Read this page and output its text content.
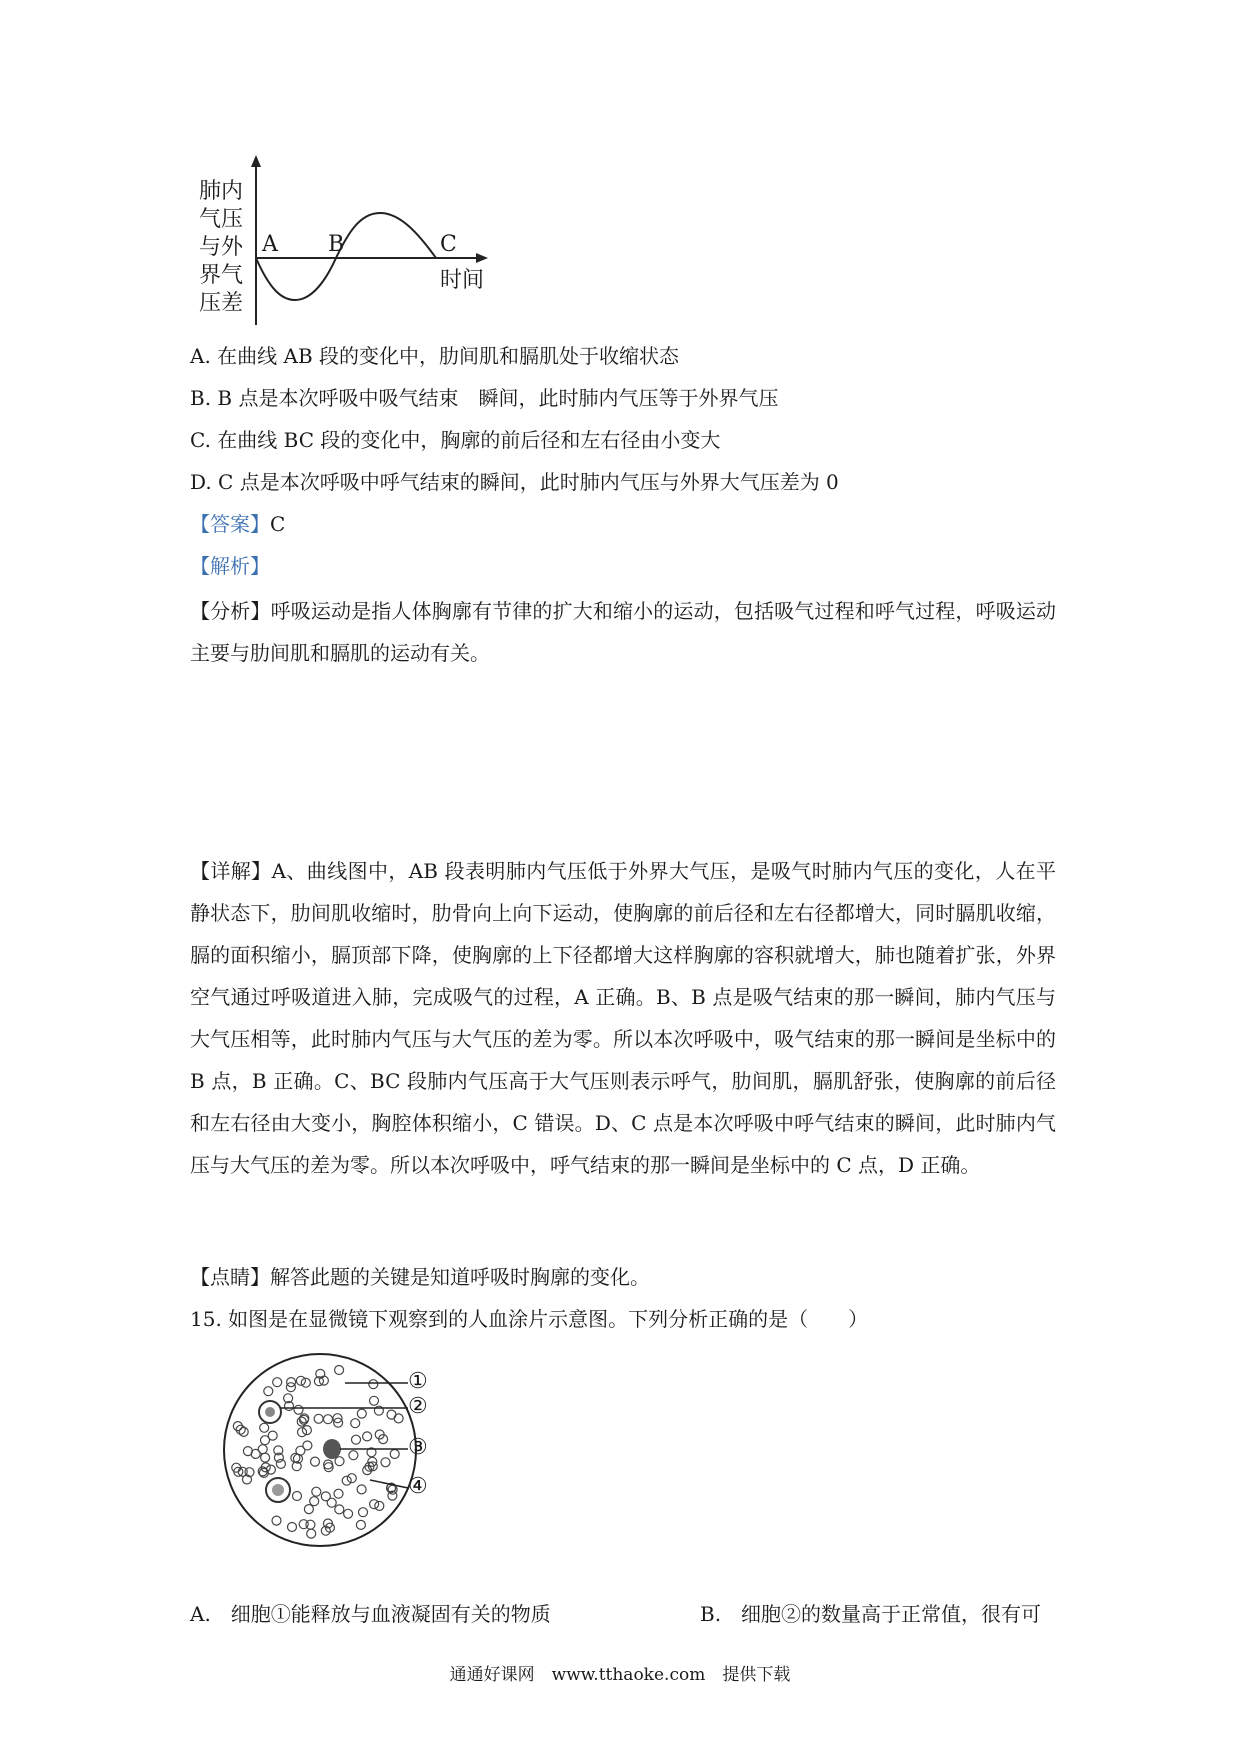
肺内
气压
与外
界气
压差
A B	C
时间
A. 在曲线 AB 段的变化中，肋间肌和膈肌处于收缩状态
B. B 点是本次呼吸中吸气结束　瞬间，此时肺内气压等于外界气压
C. 在曲线 BC 段的变化中，胸廓的前后径和左右径由小变大
D. C 点是本次呼吸中呼气结束的瞬间，此时肺内气压与外界大气压差为 0
【答案】C
【解析】
【分析】呼吸运动是指人体胸廓有节律的扩大和缩小的运动，包括吸气过程和呼气过程，呼吸运动主要与肋间肌和膈肌的运动有关。
【详解】A、曲线图中，AB 段表明肺内气压低于外界大气压，是吸气时肺内气压的变化，人在平静状态下，肋间肌收缩时，肋骨向上向下运动，使胸廓的前后径和左右径都增大，同时膈肌收缩，膈的面积缩小，膈顶部下降，使胸廓的上下径都增大这样胸廓的容积就增大，肺也随着扩张，外界空气通过呼吸道进入肺，完成吸气的过程，A 正确。B、B 点是吸气结束的那一瞬间，肺内气压与大气压相等，此时肺内气压与大气压的差为零。所以本次呼吸中，吸气结束的那一瞬间是坐标中的 B 点，B 正确。C、BC 段肺内气压高于大气压则表示呼气，肋间肌，膈肌舒张，使胸廓的前后径和左右径由大变小，胸腔体积缩小，C 错误。D、C 点是本次呼吸中呼气结束的瞬间，此时肺内气压与大气压的差为零。所以本次呼吸中，呼气结束的那一瞬间是坐标中的 C 点，D 正确。
【点睛】解答此题的关键是知道呼吸时胸廓的变化。
15. 如图是在显微镜下观察到的人血涂片示意图。下列分析正确的是（　　）
①
②
③
④
A.　细胞①能释放与血液凝固有关的物质	B.　细胞②的数量高于正常值，很有可
通通好课网　www.tthaoke.com　提供下载
